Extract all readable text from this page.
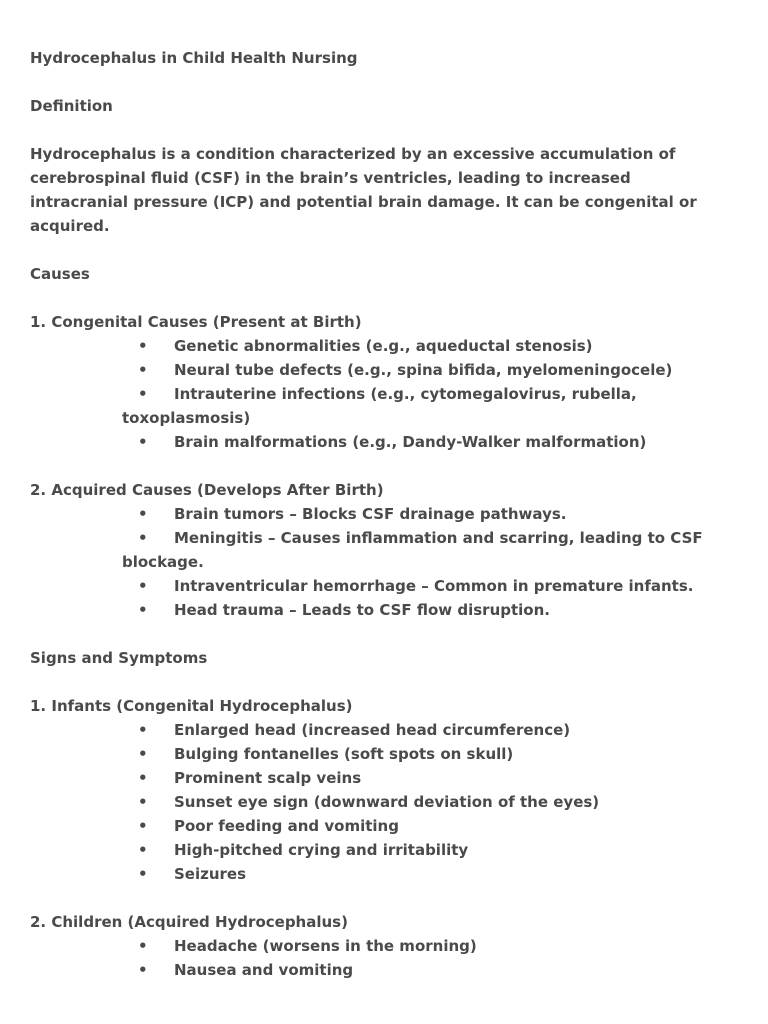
Hydrocephalus in Child Health Nursing

Definition

Hydrocephalus is a condition characterized by an excessive accumulation of cerebrospinal fluid (CSF) in the brain’s ventricles, leading to increased intracranial pressure (ICP) and potential brain damage. It can be congenital or acquired.

Causes

1. Congenital Causes (Present at Birth)

• Genetic abnormalities (e.g., aqueductal stenosis)
• Neural tube defects (e.g., spina bifida, myelomeningocele)
• Intrauterine infections (e.g., cytomegalovirus, rubella, toxoplasmosis)
• Brain malformations (e.g., Dandy-Walker malformation)

2. Acquired Causes (Develops After Birth)

• Brain tumors – Blocks CSF drainage pathways.
• Meningitis – Causes inflammation and scarring, leading to CSF blockage.
• Intraventricular hemorrhage – Common in premature infants.
• Head trauma – Leads to CSF flow disruption.

Signs and Symptoms

1. Infants (Congenital Hydrocephalus)

• Enlarged head (increased head circumference)
• Bulging fontanelles (soft spots on skull)
• Prominent scalp veins
• Sunset eye sign (downward deviation of the eyes)
• Poor feeding and vomiting
• High-pitched crying and irritability
• Seizures

2. Children (Acquired Hydrocephalus)

• Headache (worsens in the morning)
• Nausea and vomiting
